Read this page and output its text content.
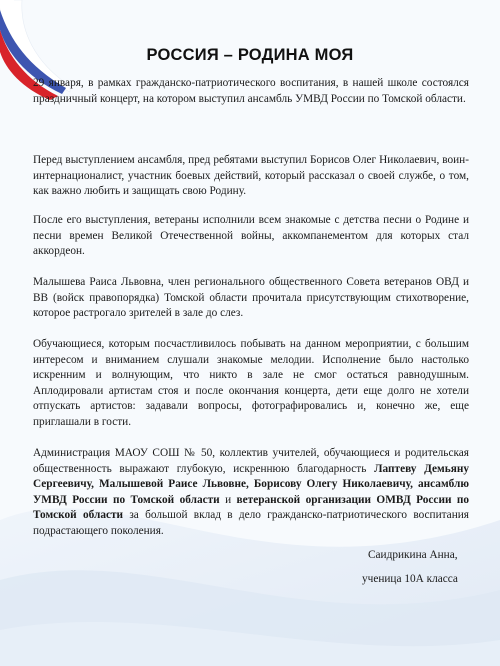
РОССИЯ – РОДИНА МОЯ
29 января, в рамках гражданско-патриотического воспитания, в нашей школе состоялся праздничный концерт, на котором выступил ансамбль УМВД России по Томской области.
Перед выступлением ансамбля, пред ребятами выступил Борисов Олег Николаевич, воин-интернационалист, участник боевых действий, который рассказал о своей службе, о том, как важно любить и защищать свою Родину.
После его выступления, ветераны исполнили всем знакомые с детства песни о Родине и песни времен Великой Отечественной войны, аккомпанементом для которых стал аккордеон.
Малышева Раиса Львовна, член регионального общественного Совета ветеранов ОВД и ВВ (войск правопорядка) Томской области прочитала присутствующим стихотворение, которое растрогало зрителей в зале до слез.
Обучающиеся, которым посчастливилось побывать на данном мероприятии, с большим интересом и вниманием слушали знакомые мелодии. Исполнение было настолько искренним и волнующим, что никто в зале не смог остаться равнодушным. Аплодировали артистам стоя и после окончания концерта, дети еще долго не хотели отпускать артистов: задавали вопросы, фотографировались и, конечно же, еще приглашали в гости.
Администрация МАОУ СОШ № 50, коллектив учителей, обучающиеся и родительская общественность выражают глубокую, искреннюю благодарность Лаптеву Демьяну Сергеевичу, Малышевой Раисе Львовне, Борисову Олегу Николаевичу, ансамблю УМВД России по Томской области и ветеранской организации ОМВД России по Томской области за большой вклад в дело гражданско-патриотического воспитания подрастающего поколения.
Саидрикина Анна,
ученица 10А класса
